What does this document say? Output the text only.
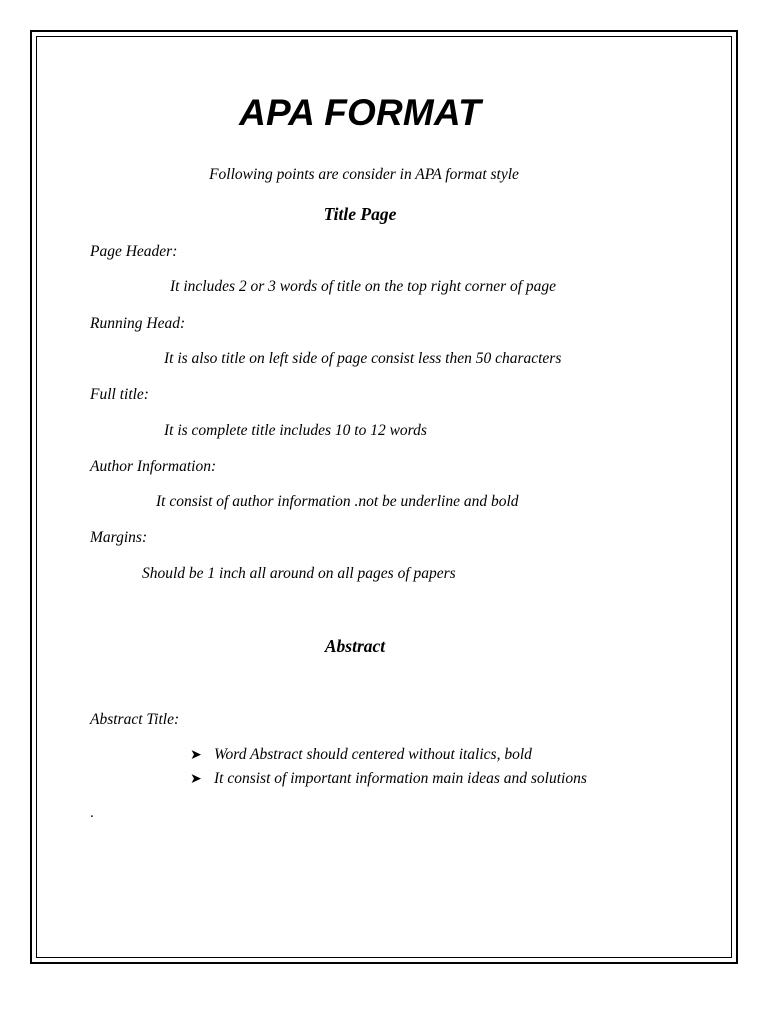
APA FORMAT
Following points are consider in APA format style
Title Page
Page Header:
It includes 2 or 3 words of title on the top right corner of page
Running Head:
It is also title on left side of page consist less then 50 characters
Full title:
It is complete title includes 10 to 12 words
Author Information:
It consist of author information .not be underline and bold
Margins:
Should be 1 inch all around on all pages of papers
Abstract
Abstract Title:
➤ Word Abstract should centered without italics, bold
➤ It consist of important information main ideas and solutions
.
